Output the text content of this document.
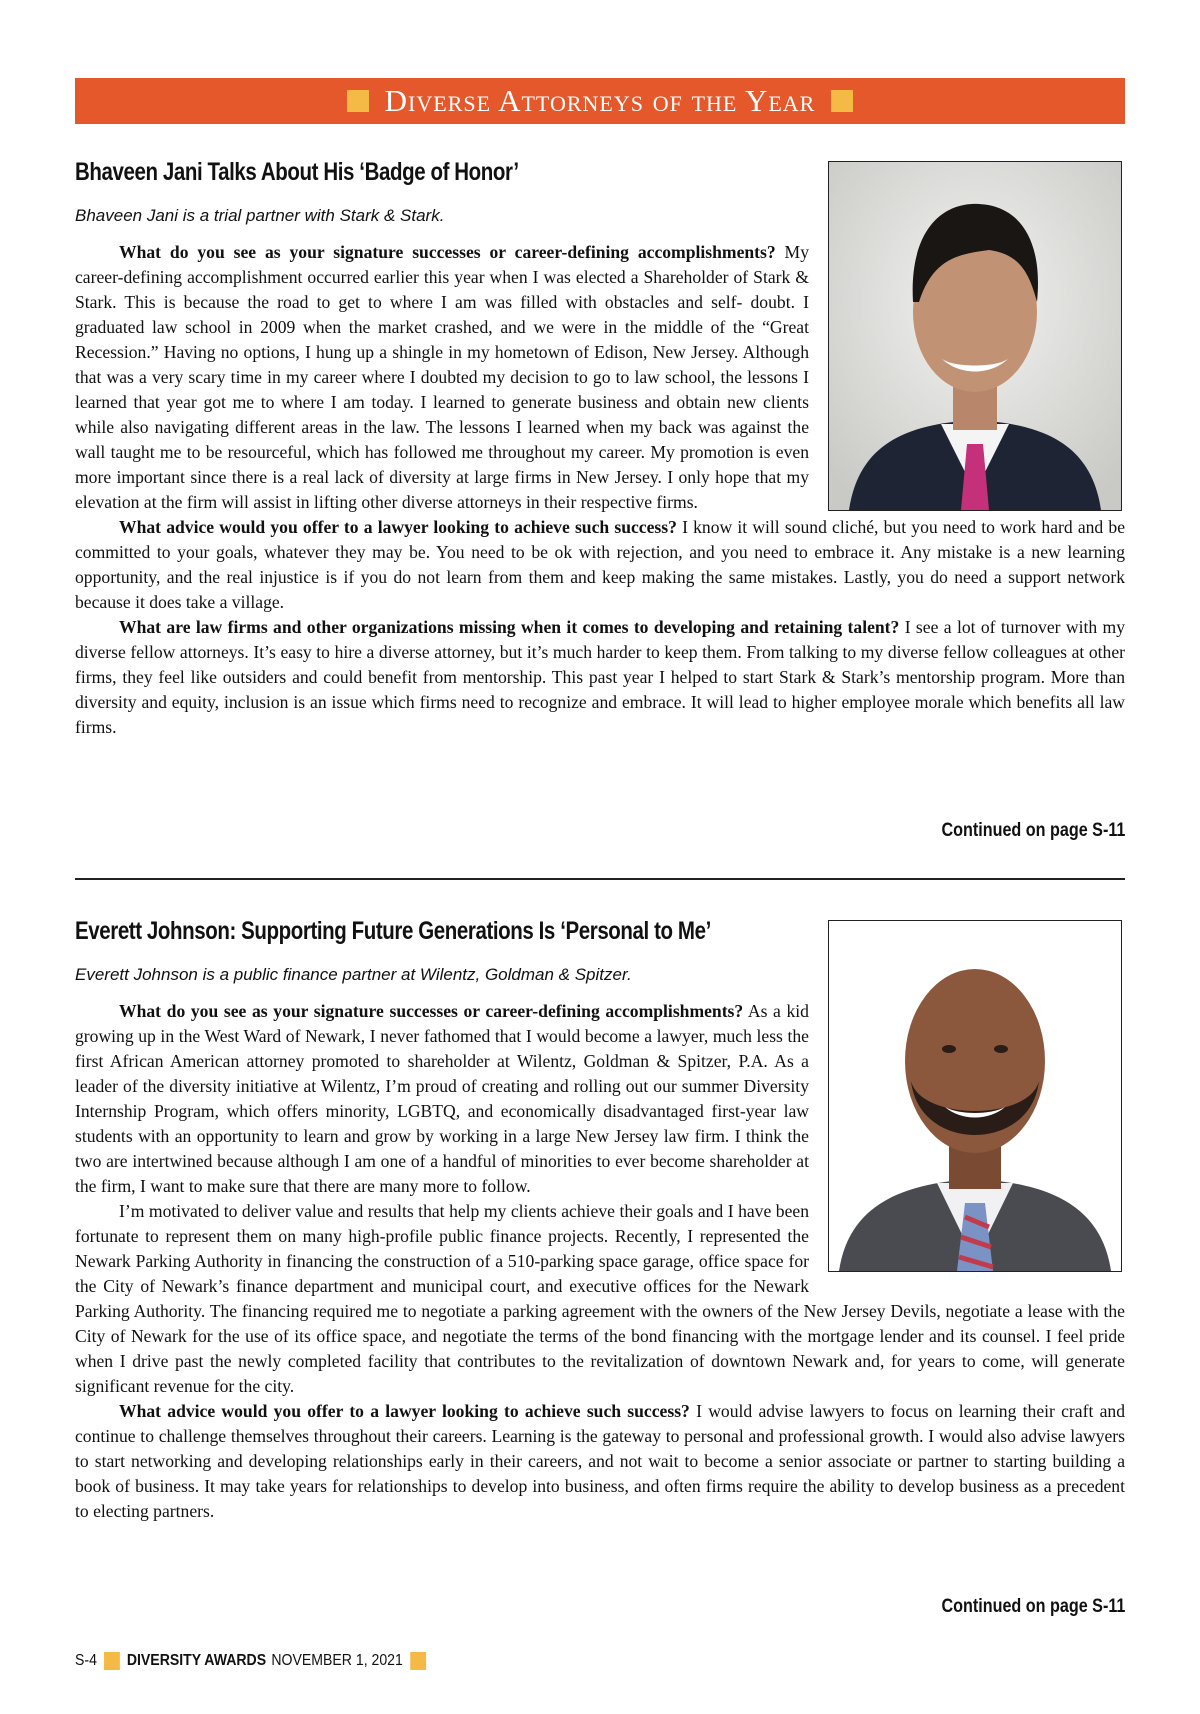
Diverse Attorneys of the Year
Bhaveen Jani Talks About His ‘Badge of Honor’
Bhaveen Jani is a trial partner with Stark & Stark.

What do you see as your signature successes or career-defining accomplishments? My career-defining accomplishment occurred earlier this year when I was elected a Shareholder of Stark & Stark. This is because the road to get to where I am was filled with obstacles and self- doubt. I graduated law school in 2009 when the market crashed, and we were in the middle of the “Great Recession.” Having no options, I hung up a shingle in my hometown of Edison, New Jersey. Although that was a very scary time in my career where I doubted my decision to go to law school, the lessons I learned that year got me to where I am today. I learned to generate business and obtain new clients while also navigating different areas in the law. The lessons I learned when my back was against the wall taught me to be resourceful, which has followed me throughout my career. My promotion is even more important since there is a real lack of diversity at large firms in New Jersey. I only hope that my elevation at the firm will assist in lifting other diverse attorneys in their respective firms.

What advice would you offer to a lawyer looking to achieve such success? I know it will sound cliché, but you need to work hard and be committed to your goals, whatever they may be. You need to be ok with rejection, and you need to embrace it. Any mistake is a new learning opportunity, and the real injustice is if you do not learn from them and keep making the same mistakes. Lastly, you do need a support network because it does take a village.

What are law firms and other organizations missing when it comes to developing and retaining talent? I see a lot of turnover with my diverse fellow attorneys. It’s easy to hire a diverse attorney, but it’s much harder to keep them. From talking to my diverse fellow colleagues at other firms, they feel like outsiders and could benefit from mentorship. This past year I helped to start Stark & Stark’s mentorship program. More than diversity and equity, inclusion is an issue which firms need to recognize and embrace. It will lead to higher employee morale which benefits all law firms.

Continued on page S-11
Everett Johnson: Supporting Future Generations Is ‘Personal to Me’
Everett Johnson is a public finance partner at Wilentz, Goldman & Spitzer.

What do you see as your signature successes or career-defining accomplishments? As a kid growing up in the West Ward of Newark, I never fathomed that I would become a lawyer, much less the first African American attorney promoted to shareholder at Wilentz, Goldman & Spitzer, P.A. As a leader of the diversity initiative at Wilentz, I’m proud of creating and rolling out our summer Diversity Internship Program, which offers minority, LGBTQ, and economically disadvantaged first-year law students with an opportunity to learn and grow by working in a large New Jersey law firm. I think the two are intertwined because although I am one of a handful of minorities to ever become shareholder at the firm, I want to make sure that there are many more to follow.

I’m motivated to deliver value and results that help my clients achieve their goals and I have been fortunate to represent them on many high-profile public finance projects. Recently, I represented the Newark Parking Authority in financing the construction of a 510-parking space garage, office space for the City of Newark’s finance department and municipal court, and executive offices for the Newark Parking Authority. The financing required me to negotiate a parking agreement with the owners of the New Jersey Devils, negotiate a lease with the City of Newark for the use of its office space, and negotiate the terms of the bond financing with the mortgage lender and its counsel. I feel pride when I drive past the newly completed facility that contributes to the revitalization of downtown Newark and, for years to come, will generate significant revenue for the city.

What advice would you offer to a lawyer looking to achieve such success? I would advise lawyers to focus on learning their craft and continue to challenge themselves throughout their careers. Learning is the gateway to personal and professional growth. I would also advise lawyers to start networking and developing relationships early in their careers, and not wait to become a senior associate or partner to starting building a book of business. It may take years for relationships to develop into business, and often firms require the ability to develop business as a precedent to electing partners.

Continued on page S-11
S-4 DIVERSITY AWARDS NOVEMBER 1, 2021
